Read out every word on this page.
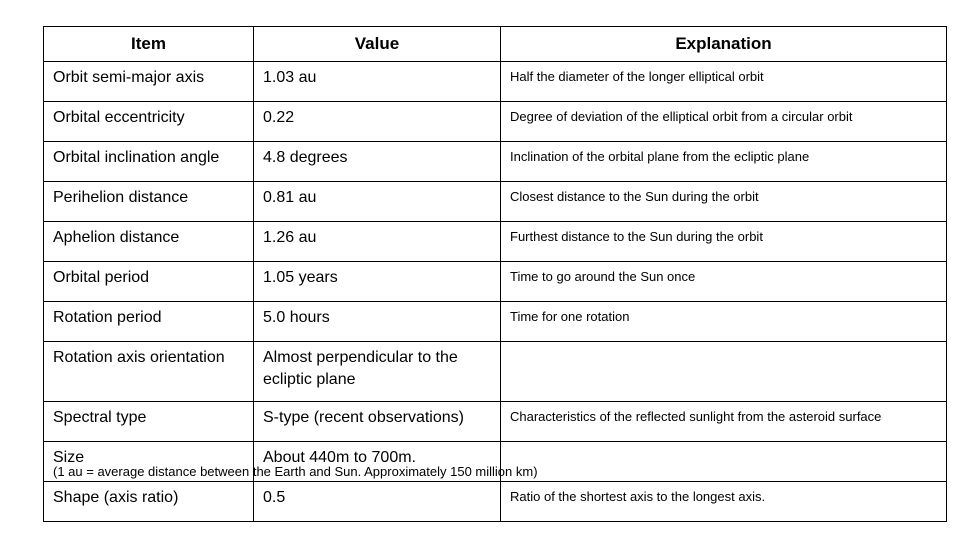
Item	Value	Explanation
Orbit semi-major axis	1.03 au	Half the diameter of the longer elliptical orbit
Orbital eccentricity	0.22	Degree of deviation of the elliptical orbit from a circular orbit
Orbital inclination angle	4.8 degrees	Inclination of the orbital plane from the ecliptic plane
Perihelion distance	0.81 au	Closest distance to the Sun during the orbit
Aphelion distance	1.26 au	Furthest distance to the Sun during the orbit
Orbital period	1.05 years	Time to go around the Sun once
Rotation period	5.0 hours	Time for one rotation
Rotation axis orientation	Almost perpendicular to the ecliptic plane	
Spectral type	S-type (recent observations)	Characteristics of the reflected sunlight from the asteroid surface
Size	About 440m to 700m.	
Shape (axis ratio)	0.5	Ratio of the shortest axis to the longest axis.
(1 au = average distance between the Earth and Sun. Approximately 150 million km)
